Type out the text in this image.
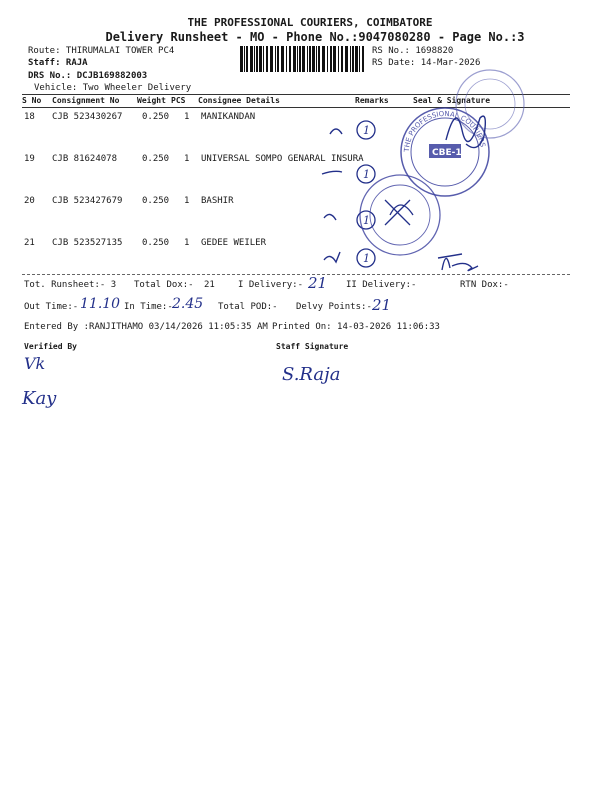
THE PROFESSIONAL COURIERS, COIMBATORE
Delivery Runsheet - MO - Phone No.:9047080280 - Page No.:3
Route: THIRUMALAI TOWER PC4
Staff: RAJA
DRS No.: DCJB169882003
Vehicle: Two Wheeler Delivery
RS No.: 1698820
RS Date: 14-Mar-2026
S No Consignment No Weight PCS Consignee Details	Remarks	Seal & Signature
18 CJB 523430267 0.250 1 MANIKANDAN
19 CJB 81624078	0.250 1 UNIVERSAL SOMPO GENARAL INSURA
20 CJB 523427679 0.250 1 BASHIR
21 CJB 523527135 0.250 1 GEDEE WEILER
1
1
1
1
THE PROFESSIONAL COURIERS
CBE-1
Tot. Runsheet:- 3 Total Dox:- 21	I Delivery:- 21 II Delivery:-	RTN Dox:-
Out Time:- 11.10 In Time:- 2.45 Total POD:- Delvy Points:- 21
Entered By :RANJITHAMO 03/14/2026 11:05:35 AM Printed On: 14-03-2026 11:06:33
Verified By	Staff Signature
Vk
Kay
S.Raja
